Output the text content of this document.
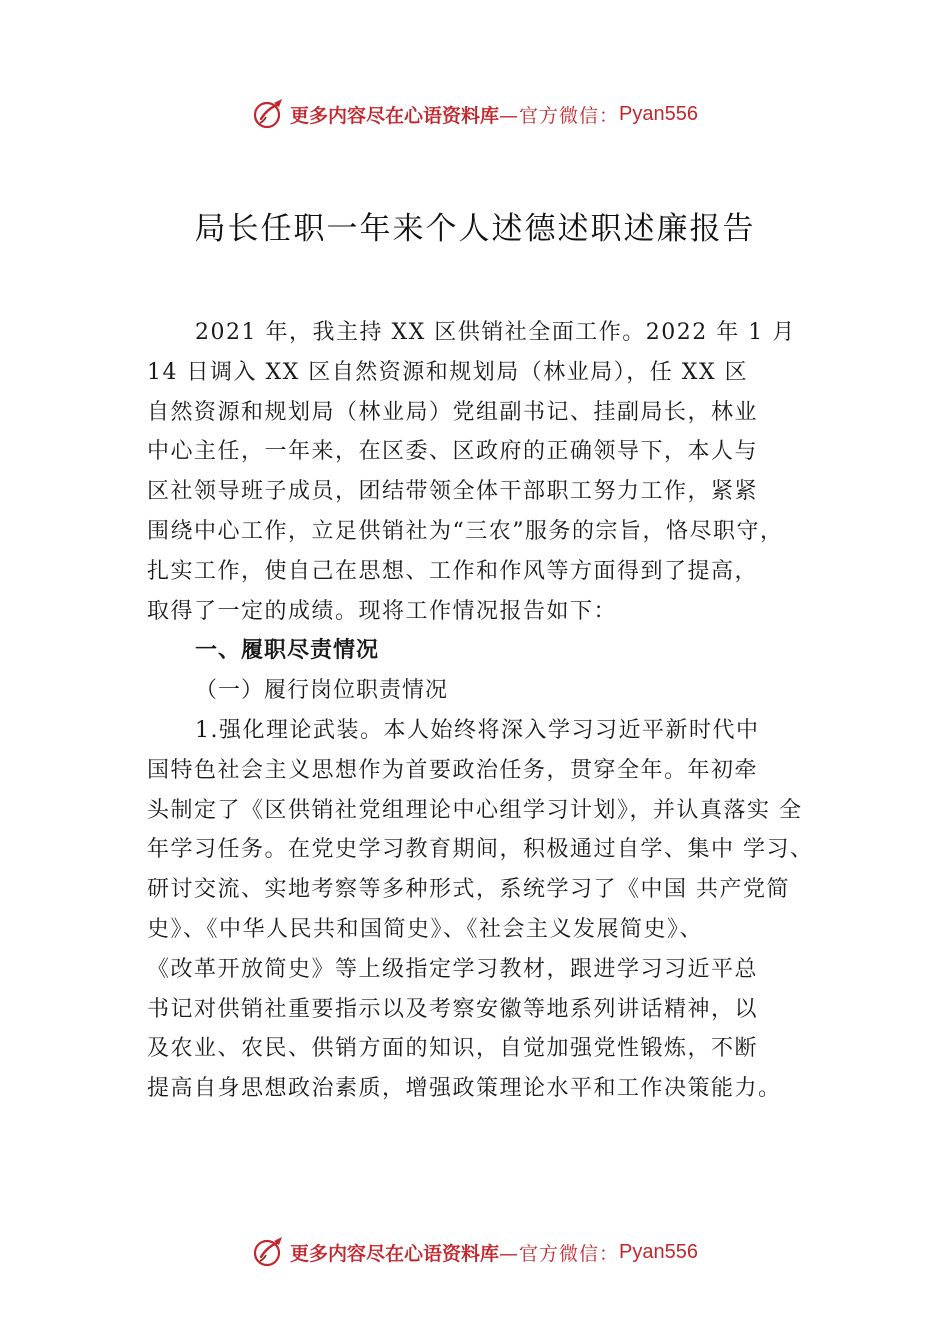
更多内容尽在心语资料库 —官方微信： Pyan556
局长任职一年来个人述德述职述廉报告

2021 年，我主持 XX 区供销社全面工作。2022 年 1 月

14 日调入 XX 区自然资源和规划局（林业局），任 XX 区

自然资源和规划局（林业局）党组副书记、挂副局长，林业

中心主任，一年来，在区委、区政府的正确领导下，本人与

区社领导班子成员，团结带领全体干部职工努力工作，紧紧

围绕中心工作，立足供销社为“三农”服务的宗旨，恪尽职守，

扎实工作，使自己在思想、工作和作风等方面得到了提高，

取得了一定的成绩。现将工作情况报告如下：

一、履职尽责情况

（一）履行岗位职责情况

1.强化理论武装。本人始终将深入学习习近平新时代中

国特色社会主义思想作为首要政治任务，贯穿全年。年初牵

头制定了《区供销社党组理论中心组学习计划》，并认真落实 全

年学习任务。在党史学习教育期间，积极通过自学、集中 学习、

研讨交流、实地考察等多种形式，系统学习了《中国 共产党简

史》、《中华人民共和国简史》、《社会主义发展简史》、

《改革开放简史》等上级指定学习教材，跟进学习习近平总

书记对供销社重要指示以及考察安徽等地系列讲话精神，以

及农业、农民、供销方面的知识，自觉加强党性锻炼，不断

提高自身思想政治素质，增强政策理论水平和工作决策能力。

更多内容尽在心语资料库 —官方微信： Pyan556
